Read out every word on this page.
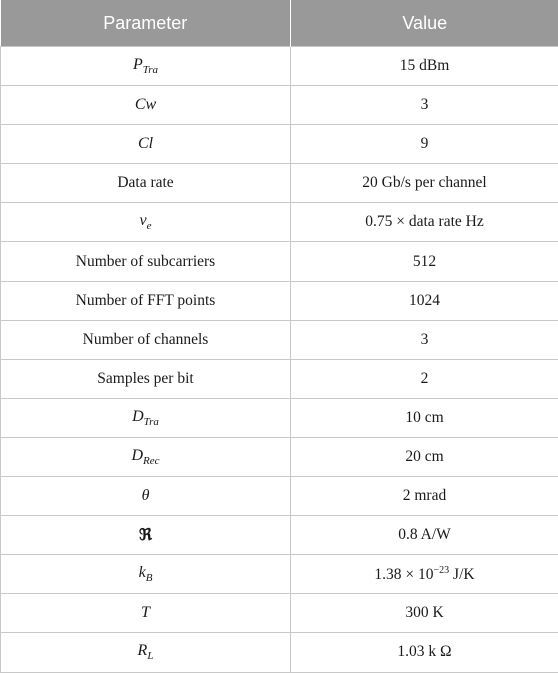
Parameter	Value
$P_{Tra}$	15 dBm
Cw	3
Cl	9
Data rate	20 Gb/s per channel
$\nu_e$	0.75 × data rate Hz
Number of subcarriers	512
Number of FFT points	1024
Number of channels	3
Samples per bit	2
$D_{Tra}$	10 cm
$D_{Rec}$	20 cm
θ	2 mrad
ℜ	0.8 A/W
$k_B$	$1.38 \times 10^{-23}$ J/K
T	300 K
$R_L$	1.03 k Ω
